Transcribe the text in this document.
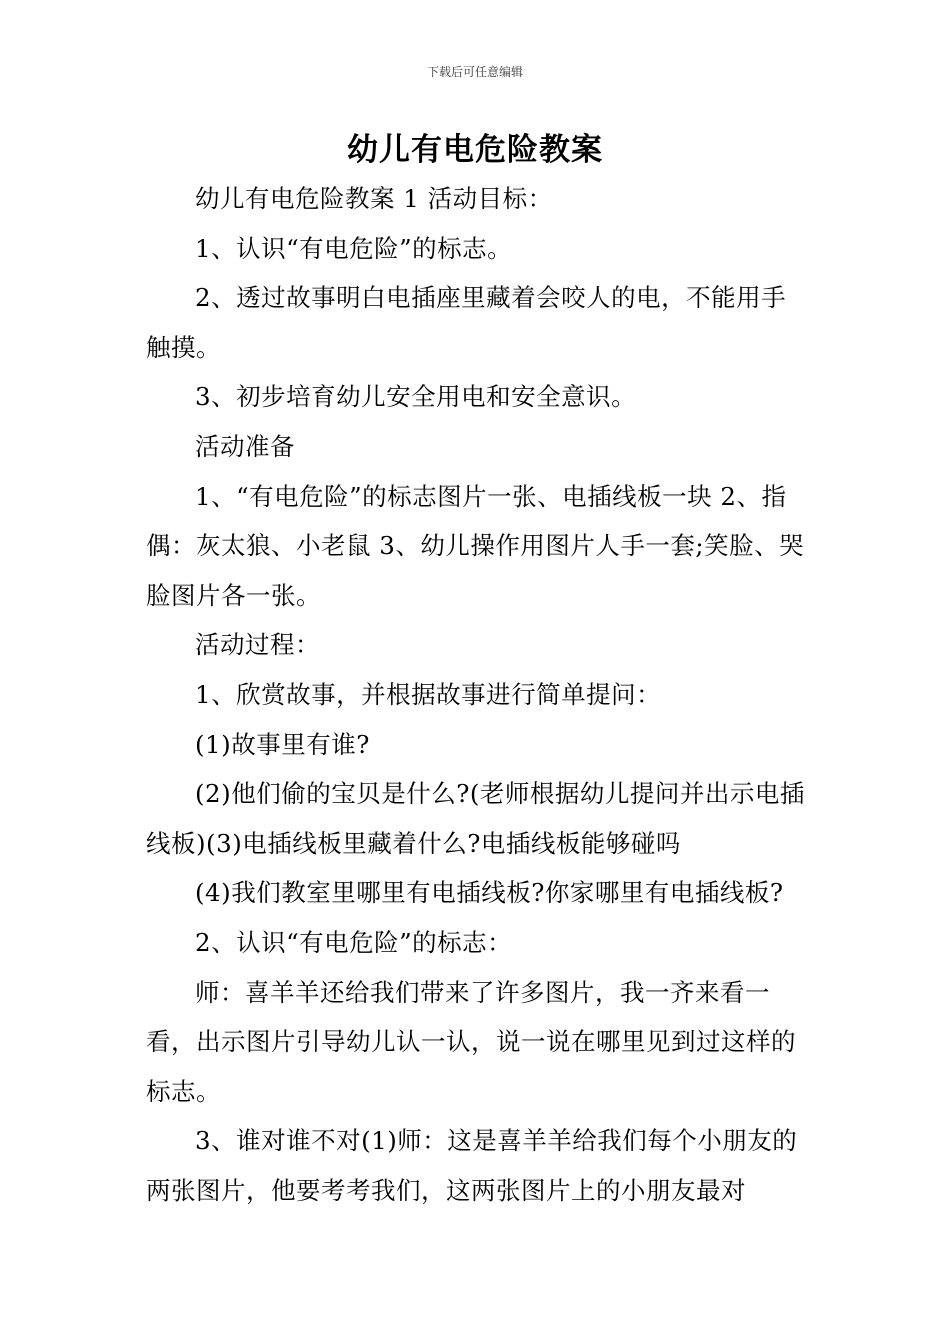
下载后可任意编辑
幼儿有电危险教案

幼儿有电危险教案 1 活动目标：

1、认识“有电危险”的标志。

2、透过故事明白电插座里藏着会咬人的电，不能用手触摸。

3、初步培育幼儿安全用电和安全意识。

活动准备

1、“有电危险”的标志图片一张、电插线板一块 2、指偶：灰太狼、小老鼠 3、幼儿操作用图片人手一套;笑脸、哭脸图片各一张。

活动过程：

1、欣赏故事，并根据故事进行简单提问：

(1)故事里有谁?

(2)他们偷的宝贝是什么?(老师根据幼儿提问并出示电插线板)(3)电插线板里藏着什么?电插线板能够碰吗

(4)我们教室里哪里有电插线板?你家哪里有电插线板?

2、认识“有电危险”的标志：

师：喜羊羊还给我们带来了许多图片，我一齐来看一看，出示图片引导幼儿认一认，说一说在哪里见到过这样的标志。

3、谁对谁不对(1)师：这是喜羊羊给我们每个小朋友的两张图片，他要考考我们，这两张图片上的小朋友最对
